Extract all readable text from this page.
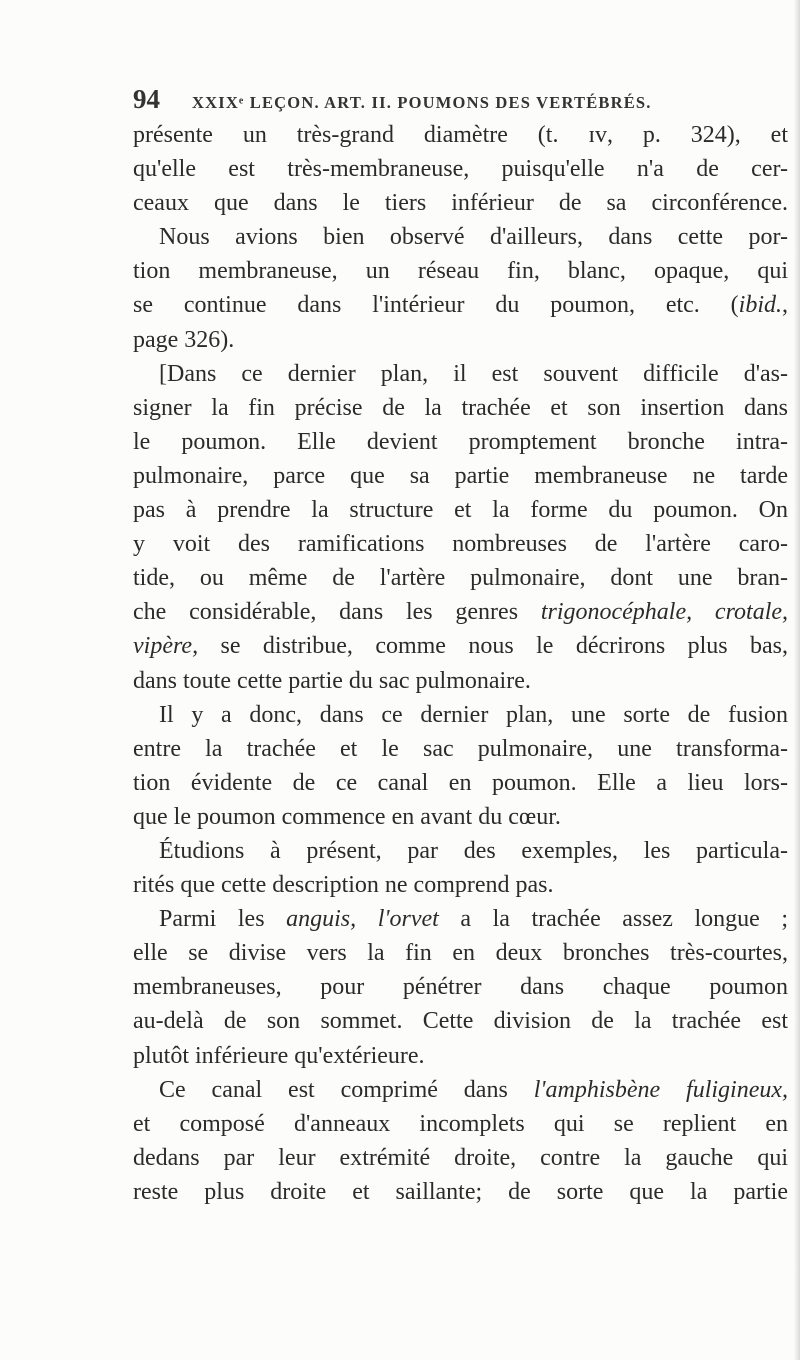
94 XXIXᵉ LEÇON. ART. II. POUMONS DES VERTÉBRÉS.
présente un très-grand diamètre (t. ɪᴠ, p. 324), et
qu'elle est très-membraneuse, puisqu'elle n'a de cer-
ceaux que dans le tiers inférieur de sa circonférence.
Nous avions bien observé d'ailleurs, dans cette por-
tion membraneuse, un réseau fin, blanc, opaque, qui
se continue dans l'intérieur du poumon, etc. (ibid.,
page 326).
[Dans ce dernier plan, il est souvent difficile d'as-
signer la fin précise de la trachée et son insertion dans
le poumon. Elle devient promptement bronche intra-
pulmonaire, parce que sa partie membraneuse ne tarde
pas à prendre la structure et la forme du poumon. On
y voit des ramifications nombreuses de l'artère caro-
tide, ou même de l'artère pulmonaire, dont une bran-
che considérable, dans les genres trigonocéphale, crotale,
vipère, se distribue, comme nous le décrirons plus bas,
dans toute cette partie du sac pulmonaire.
Il y a donc, dans ce dernier plan, une sorte de fusion
entre la trachée et le sac pulmonaire, une transforma-
tion évidente de ce canal en poumon. Elle a lieu lors-
que le poumon commence en avant du cœur.
Étudions à présent, par des exemples, les particula-
rités que cette description ne comprend pas.
Parmi les anguis, l'orvet a la trachée assez longue ;
elle se divise vers la fin en deux bronches très-courtes,
membraneuses, pour pénétrer dans chaque poumon
au-delà de son sommet. Cette division de la trachée est
plutôt inférieure qu'extérieure.
Ce canal est comprimé dans l'amphisbène fuligineux,
et composé d'anneaux incomplets qui se replient en
dedans par leur extrémité droite, contre la gauche qui
reste plus droite et saillante; de sorte que la partie
